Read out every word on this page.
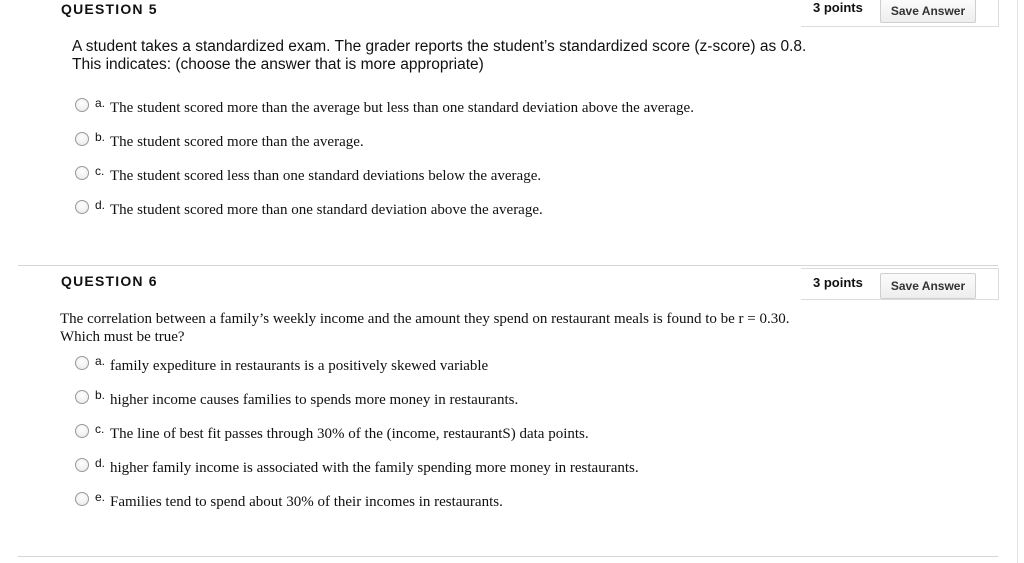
QUESTION 5	3 points	Save Answer
A student takes a standardized exam. The grader reports the student’s standardized score (z-score) as 0.8. This indicates: (choose the answer that is more appropriate)
a. The student scored more than the average but less than one standard deviation above the average.
b. The student scored more than the average.
c. The student scored less than one standard deviations below the average.
d. The student scored more than one standard deviation above the average.
QUESTION 6	3 points	Save Answer
The correlation between a family’s weekly income and the amount they spend on restaurant meals is found to be r = 0.30. Which must be true?
a. family expediture in restaurants is a positively skewed variable
b. higher income causes families to spends more money in restaurants.
c. The line of best fit passes through 30% of the (income, restaurantS) data points.
d. higher family income is associated with the family spending more money in restaurants.
e. Families tend to spend about 30% of their incomes in restaurants.
